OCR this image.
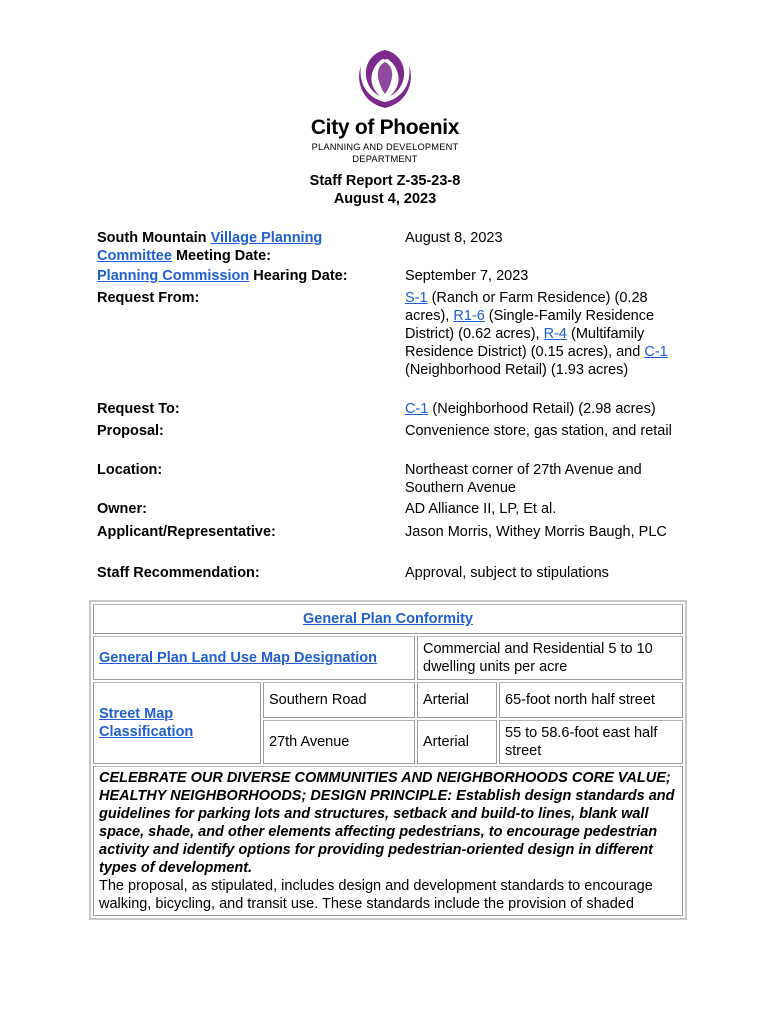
City of Phoenix
PLANNING AND DEVELOPMENT DEPARTMENT
Staff Report Z-35-23-8
August 4, 2023
South Mountain Village Planning Committee Meeting Date:
August 8, 2023
Planning Commission Hearing Date:	September 7, 2023
Request From:	S-1 (Ranch or Farm Residence) (0.28 acres), R1-6 (Single-Family Residence District) (0.62 acres), R-4 (Multifamily Residence District) (0.15 acres), and C-1 (Neighborhood Retail) (1.93 acres)
Request To:	C-1 (Neighborhood Retail) (2.98 acres)
Proposal:	Convenience store, gas station, and retail
Location:	Northeast corner of 27th Avenue and Southern Avenue
Owner:	AD Alliance II, LP, Et al.
Applicant/Representative:	Jason Morris, Withey Morris Baugh, PLC
Staff Recommendation:	Approval, subject to stipulations
General Plan Conformity			
General Plan Land Use Map Designation		Commercial and Residential 5 to 10 dwelling units per acre	
Street Map Classification	Southern Road	Arterial	65-foot north half street
	27th Avenue	Arterial	55 to 58.6-foot east half street

CELEBRATE OUR DIVERSE COMMUNITIES AND NEIGHBORHOODS CORE VALUE; HEALTHY NEIGHBORHOODS; DESIGN PRINCIPLE: Establish design standards and guidelines for parking lots and structures, setback and build-to lines, blank wall space, shade, and other elements affecting pedestrians, to encourage pedestrian activity and identify options for providing pedestrian-oriented design in different types of development.
The proposal, as stipulated, includes design and development standards to encourage walking, bicycling, and transit use. These standards include the provision of shaded			
